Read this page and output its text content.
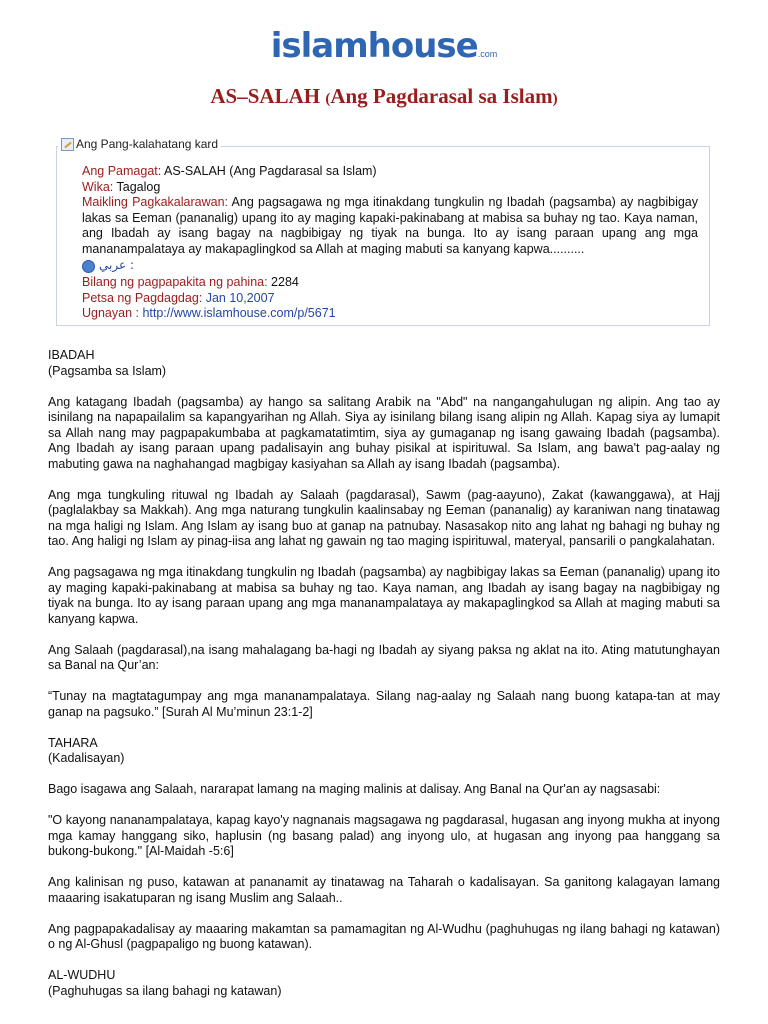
islamhouse.com
AS–SALAH (Ang Pagdarasal sa Islam)
Ang Pang-kalahatang kard
Ang Pamagat: AS-SALAH (Ang Pagdarasal sa Islam)
Wika: Tagalog
Maikling Pagkakalarawan: Ang pagsagawa ng mga itinakdang tungkulin ng Ibadah (pagsamba) ay nagbibigay lakas sa Eeman (pananalig) upang ito ay maging kapaki-pakinabang at mabisa sa buhay ng tao. Kaya naman, ang Ibadah ay isang bagay na nagbibigay ng tiyak na bunga. Ito ay isang paraan upang ang mga mananampalataya ay makapaglingkod sa Allah at maging mabuti sa kanyang kapwa..........
عربي :
Bilang ng pagpapakita ng pahina: 2284
Petsa ng Pagdagdag: Jan 10,2007
Ugnayan : http://www.islamhouse.com/p/5671

IBADAH
(Pagsamba sa Islam)

Ang katagang Ibadah (pagsamba) ay hango sa salitang Arabik na "Abd" na nangangahulugan ng alipin. Ang tao ay isinilang na napapailalim sa kapangyarihan ng Allah. Siya ay isinilang bilang isang alipin ng Allah. Kapag siya ay lumapit sa Allah nang may pagpapakumbaba at pagkamatatimtim, siya ay gumaganap ng isang gawaing Ibadah (pagsamba). Ang Ibadah ay isang paraan upang padalisayin ang buhay pisikal at ispirituwal. Sa Islam, ang bawa't pag-aalay ng mabuting gawa na naghahangad magbigay kasiyahan sa Allah ay isang Ibadah (pagsamba).

Ang mga tungkuling rituwal ng Ibadah ay Salaah (pagdarasal), Sawm (pag-aayuno), Zakat (kawanggawa), at Hajj (paglalakbay sa Makkah). Ang mga naturang tungkulin kaalinsabay ng Eeman (pananalig) ay karaniwan nang tinatawag na mga haligi ng Islam. Ang Islam ay isang buo at ganap na patnubay. Nasasakop nito ang lahat ng bahagi ng buhay ng tao. Ang haligi ng Islam ay pinag-iisa ang lahat ng gawain ng tao maging ispirituwal, materyal, pansarili o pangkalahatan.

Ang pagsagawa ng mga itinakdang tungkulin ng Ibadah (pagsamba) ay nagbibigay lakas sa Eeman (pananalig) upang ito ay maging kapaki-pakinabang at mabisa sa buhay ng tao. Kaya naman, ang Ibadah ay isang bagay na nagbibigay ng tiyak na bunga. Ito ay isang paraan upang ang mga mananampalataya ay makapaglingkod sa Allah at maging mabuti sa kanyang kapwa.

Ang Salaah (pagdarasal),na isang mahalagang ba-hagi ng Ibadah ay siyang paksa ng aklat na ito. Ating matutunghayan sa Banal na Qur’an:

“Tunay na magtatagumpay ang mga mananampalataya. Silang nag-aalay ng Salaah nang buong katapa-tan at may ganap na pagsuko.” [Surah Al Mu’minun 23:1-2]

TAHARA
(Kadalisayan)

Bago isagawa ang Salaah, nararapat lamang na maging malinis at dalisay. Ang Banal na Qur'an ay nagsasabi:

"O kayong nananampalataya, kapag kayo'y nagnanais magsagawa ng pagdarasal, hugasan ang inyong mukha at inyong mga kamay hanggang siko, haplusin (ng basang palad) ang inyong ulo, at hugasan ang inyong paa hanggang sa bukong-bukong." [Al-Maidah -5:6]

Ang kalinisan ng puso, katawan at pananamit ay tinatawag na Taharah o kadalisayan. Sa ganitong kalagayan lamang maaaring isakatuparan ng isang Muslim ang Salaah..

Ang pagpapakadalisay ay maaaring makamtan sa pamamagitan ng Al-Wudhu (paghuhugas ng ilang bahagi ng katawan) o ng Al-Ghusl (pagpapaligo ng buong katawan).

AL-WUDHU
(Paghuhugas sa ilang bahagi ng katawan)
